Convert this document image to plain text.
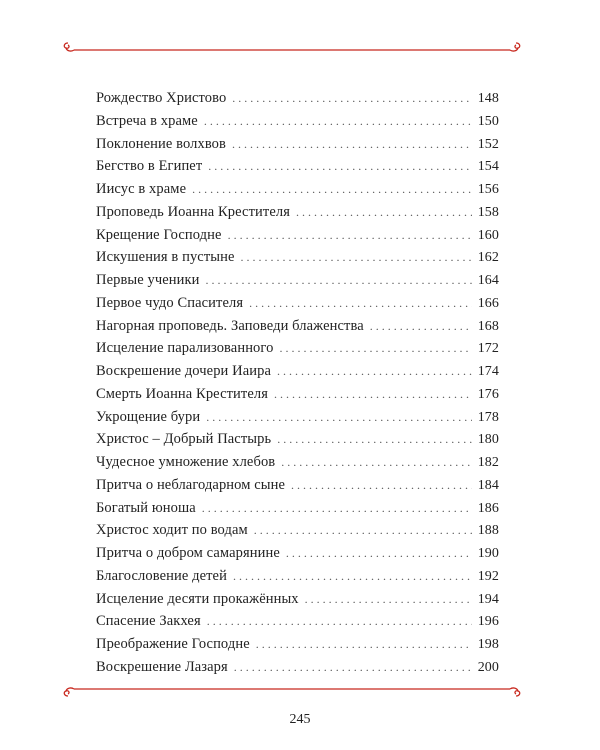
Рождество Христово . . .	148
Встреча в храме . . .	150
Поклонение волхвов . . .	152
Бегство в Египет . . .	154
Иисус в храме . . .	156
Проповедь Иоанна Крестителя . . .	158
Крещение Господне . . .	160
Искушения в пустыне . . .	162
Первые ученики . . .	164
Первое чудо Спасителя . . .	166
Нагорная проповедь. Заповеди блаженства . . .	168
Исцеление парализованного . . .	172
Воскрешение дочери Иаира . . .	174
Смерть Иоанна Крестителя . . .	176
Укрощение бури . . .	178
Христос – Добрый Пастырь . . .	180
Чудесное умножение хлебов . . .	182
Притча о неблагодарном сыне . . .	184
Богатый юноша . . .	186
Христос ходит по водам . . .	188
Притча о добром самарянине . . .	190
Благословение детей . . .	192
Исцеление десяти прокажённых . . .	194
Спасение Закхея . . .	196
Преображение Господне . . .	198
Воскрешение Лазаря . . .	200
245
